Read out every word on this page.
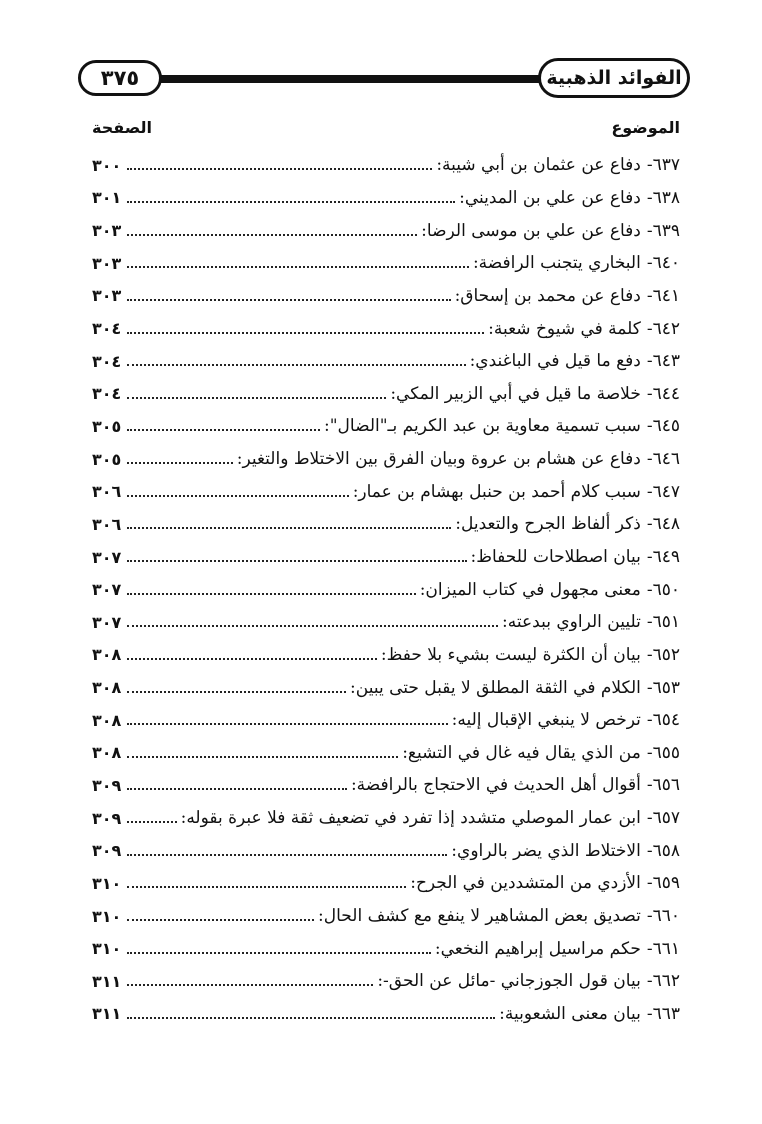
٣٧٥	الفوائد الذهبية
الموضوع
الصفحة
٦٣٧-
دفاع عن عثمان بن أبي شيبة:
٣٠٠
٦٣٨-
دفاع عن علي بن المديني:
٣٠١
٦٣٩-
دفاع عن علي بن موسى الرضا:
٣٠٣
٦٤٠-
البخاري يتجنب الرافضة:
٣٠٣
٦٤١-
دفاع عن محمد بن إسحاق:
٣٠٣
٦٤٢-
كلمة في شيوخ شعبة:
٣٠٤
٦٤٣-
دفع ما قيل في الباغندي:
٣٠٤
٦٤٤-
خلاصة ما قيل في أبي الزبير المكي:
٣٠٤
٦٤٥-
سبب تسمية معاوية بن عبد الكريم بـ"الضال":
٣٠٥
٦٤٦-
دفاع عن هشام بن عروة وبيان الفرق بين الاختلاط والتغير:
٣٠٥
٦٤٧-
سبب كلام أحمد بن حنبل بهشام بن عمار:
٣٠٦
٦٤٨-
ذكر ألفاظ الجرح والتعديل:
٣٠٦
٦٤٩-
بيان اصطلاحات للحفاظ:
٣٠٧
٦٥٠-
معنى مجهول في كتاب الميزان:
٣٠٧
٦٥١-
تليين الراوي ببدعته:
٣٠٧
٦٥٢-
بيان أن الكثرة ليست بشيء بلا حفظ:
٣٠٨
٦٥٣-
الكلام في الثقة المطلق لا يقبل حتى يبين:
٣٠٨
٦٥٤-
ترخص لا ينبغي الإقبال إليه:
٣٠٨
٦٥٥-
من الذي يقال فيه غال في التشيع:
٣٠٨
٦٥٦-
أقوال أهل الحديث في الاحتجاج بالرافضة:
٣٠٩
٦٥٧-
ابن عمار الموصلي متشدد إذا تفرد في تضعيف ثقة فلا عبرة بقوله:
٣٠٩
٦٥٨-
الاختلاط الذي يضر بالراوي:
٣٠٩
٦٥٩-
الأزدي من المتشددين في الجرح:
٣١٠
٦٦٠-
تصديق بعض المشاهير لا ينفع مع كشف الحال:
٣١٠
٦٦١-
حكم مراسيل إبراهيم النخعي:
٣١٠
٦٦٢-
بيان قول الجوزجاني -مائل عن الحق-:
٣١١
٦٦٣-
بيان معنى الشعوبية:
٣١١
